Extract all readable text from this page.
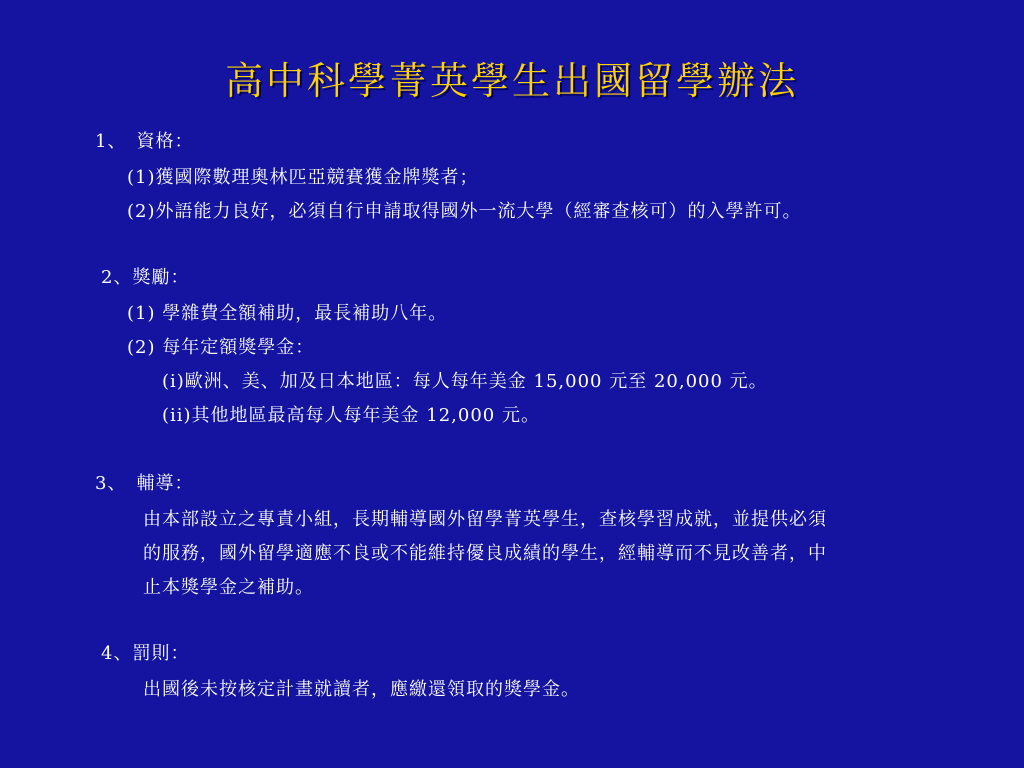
高中科學菁英學生出國留學辦法
1、　資格：
(1)獲國際數理奧林匹亞競賽獲金牌獎者；
(2)外語能力良好，必須自行申請取得國外一流大學（經審查核可）的入學許可。
2、獎勵：
(1) 學雜費全額補助，最長補助八年。
(2) 每年定額獎學金：
(i)歐洲、美、加及日本地區：每人每年美金 15,000 元至 20,000 元。
(ii)其他地區最高每人每年美金 12,000 元。
3、　輔導：
由本部設立之專責小組，長期輔導國外留學菁英學生，查核學習成就，並提供必須
的服務，國外留學適應不良或不能維持優良成績的學生，經輔導而不見改善者，中
止本獎學金之補助。
4、罰則：
出國後未按核定計畫就讀者，應繳還領取的獎學金。
